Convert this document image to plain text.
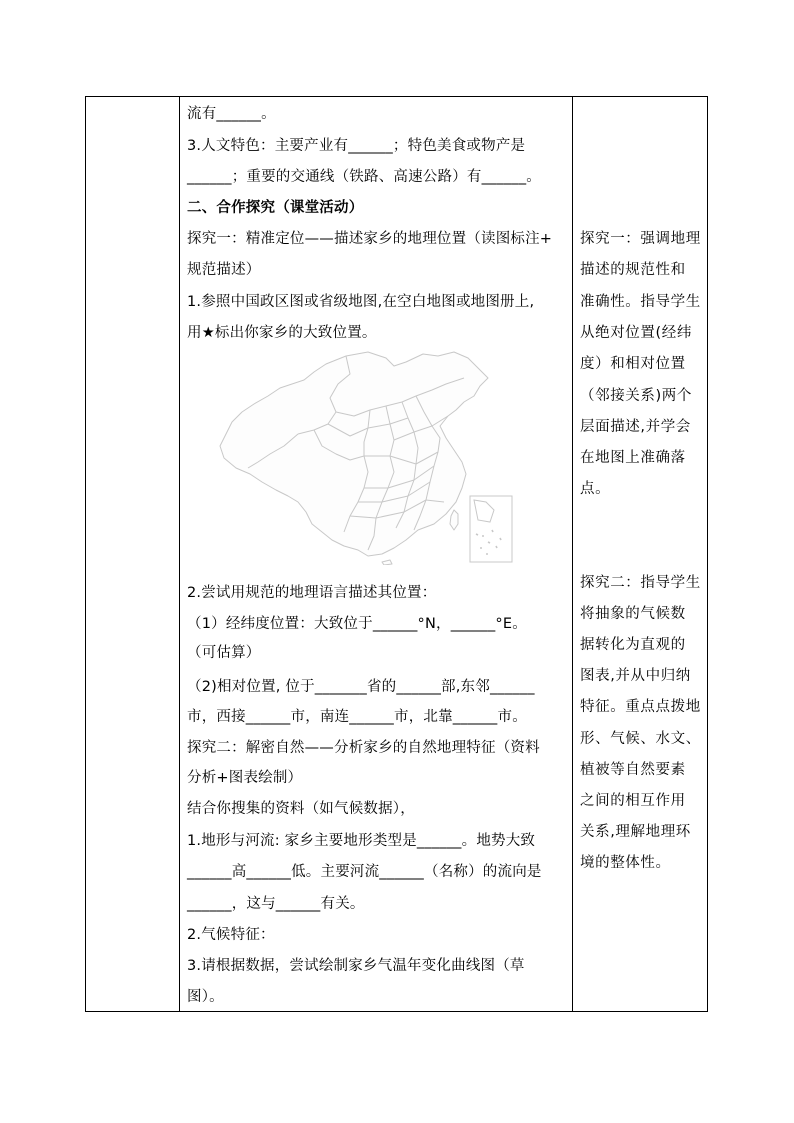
流有______。
3.人文特色：主要产业有______；特色美食或物产是
______；重要的交通线（铁路、高速公路）有______。
二、合作探究（课堂活动）
探究一：精准定位——描述家乡的地理位置（读图标注+
规范描述）
1.参照中国政区图或省级地图,在空白地图或地图册上,
用★标出你家乡的大致位置。
2.尝试用规范的地理语言描述其位置：
（1）经纬度位置：大致位于______°N，______°E。
（可估算）
（2)相对位置, 位于_______省的______部,东邻______
市，西接______市，南连______市，北靠______市。
探究二：解密自然——分析家乡的自然地理特征（资料
分析+图表绘制）
结合你搜集的资料（如气候数据），
1.地形与河流: 家乡主要地形类型是______。地势大致
______高______低。主要河流______（名称）的流向是
______，这与______有关。
2.气候特征：
3.请根据数据，尝试绘制家乡气温年变化曲线图（草
图）。
探究一：强调地理
描述的规范性和
准确性。指导学生
从绝对位置(经纬
度）和相对位置
（邻接关系)两个
层面描述,并学会
在地图上准确落
点。
探究二：指导学生
将抽象的气候数
据转化为直观的
图表,并从中归纳
特征。重点点拨地
形、气候、水文、
植被等自然要素
之间的相互作用
关系,理解地理环
境的整体性。
